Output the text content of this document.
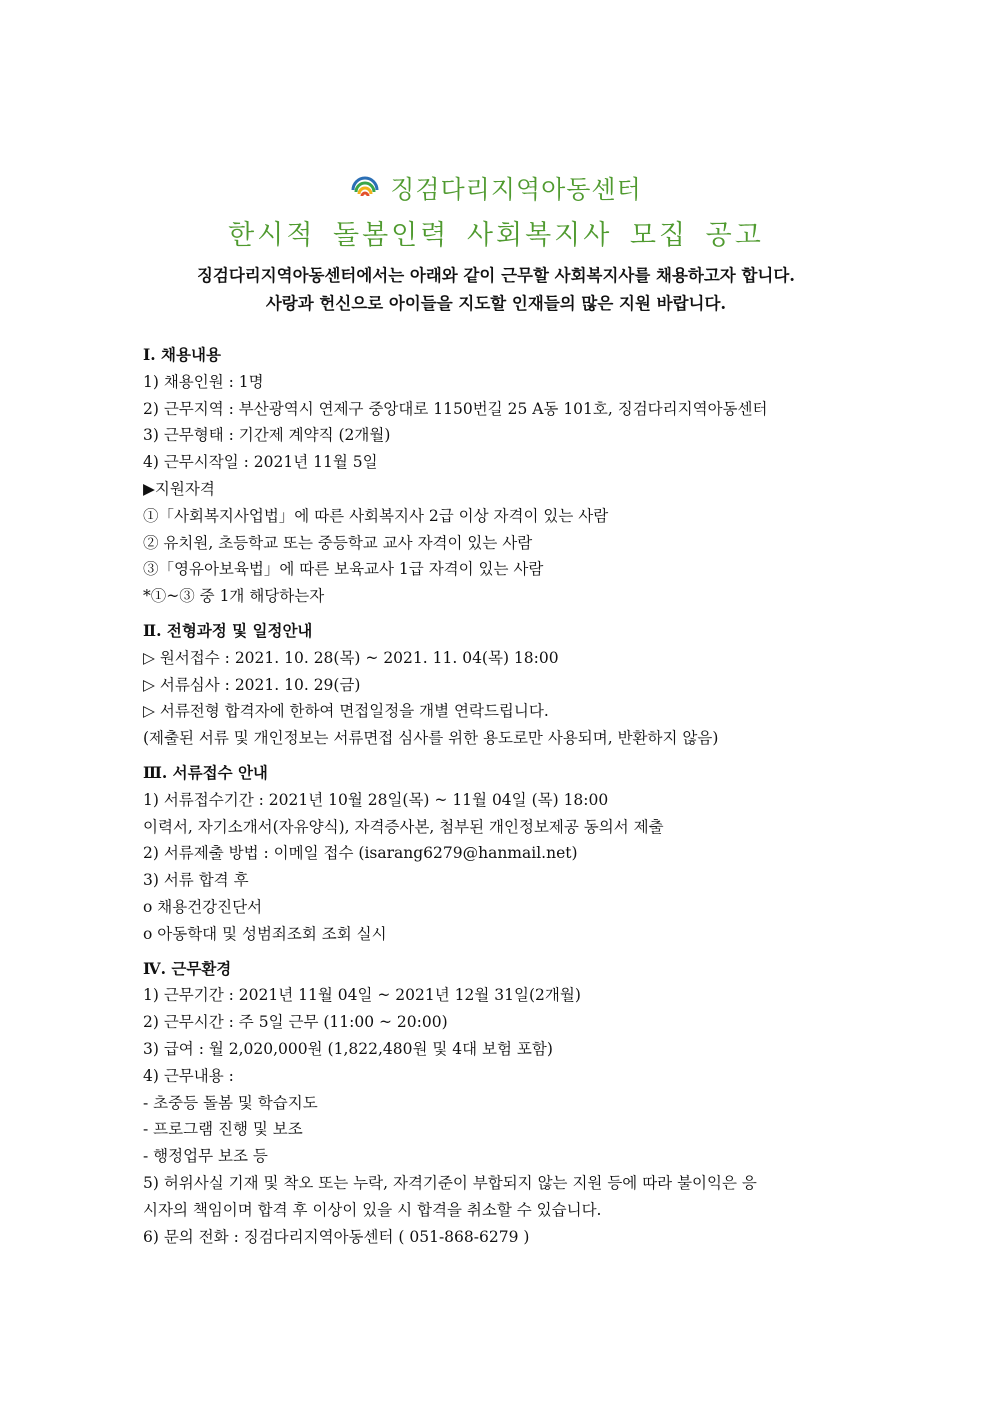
징검다리지역아동센터
한시적 돌봄인력 사회복지사 모집 공고
징검다리지역아동센터에서는 아래와 같이 근무할 사회복지사를 채용하고자 합니다.
사랑과 헌신으로 아이들을 지도할 인재들의 많은 지원 바랍니다.
Ⅰ. 채용내용
1) 채용인원 : 1명
2) 근무지역 : 부산광역시 연제구 중앙대로 1150번길 25 A동 101호, 징검다리지역아동센터
3) 근무형태 : 기간제 계약직 (2개월)
4) 근무시작일 : 2021년 11월 5일
▶지원자격
①「사회복지사업법」에 따른 사회복지사 2급 이상 자격이 있는 사람
② 유치원, 초등학교 또는 중등학교 교사 자격이 있는 사람
③「영유아보육법」에 따른 보육교사 1급 자격이 있는 사람
*①~③ 중 1개 해당하는자
Ⅱ. 전형과정 및 일정안내
▷ 원서접수 : 2021. 10. 28(목) ~ 2021. 11. 04(목) 18:00
▷ 서류심사 : 2021. 10. 29(금)
▷ 서류전형 합격자에 한하여 면접일정을 개별 연락드립니다.
(제출된 서류 및 개인정보는 서류면접 심사를 위한 용도로만 사용되며, 반환하지 않음)
Ⅲ. 서류접수 안내
1) 서류접수기간 : 2021년 10월 28일(목) ~ 11월 04일 (목) 18:00
이력서, 자기소개서(자유양식), 자격증사본, 첨부된 개인정보제공 동의서 제출
2) 서류제출 방법 : 이메일 접수 (isarang6279@hanmail.net)
3) 서류 합격 후
o 채용건강진단서
o 아동학대 및 성범죄조회 조회 실시
Ⅳ. 근무환경
1) 근무기간 : 2021년 11월 04일 ~ 2021년 12월 31일(2개월)
2) 근무시간 : 주 5일 근무 (11:00 ~ 20:00)
3) 급여 : 월 2,020,000원 (1,822,480원 및 4대 보험 포함)
4) 근무내용 :
- 초중등 돌봄 및 학습지도
- 프로그램 진행 및 보조
- 행정업무 보조 등
5) 허위사실 기재 및 착오 또는 누락, 자격기준이 부합되지 않는 지원 등에 따라 불이익은 응
시자의 책임이며 합격 후 이상이 있을 시 합격을 취소할 수 있습니다.
6) 문의 전화 : 징검다리지역아동센터 ( 051-868-6279 )
